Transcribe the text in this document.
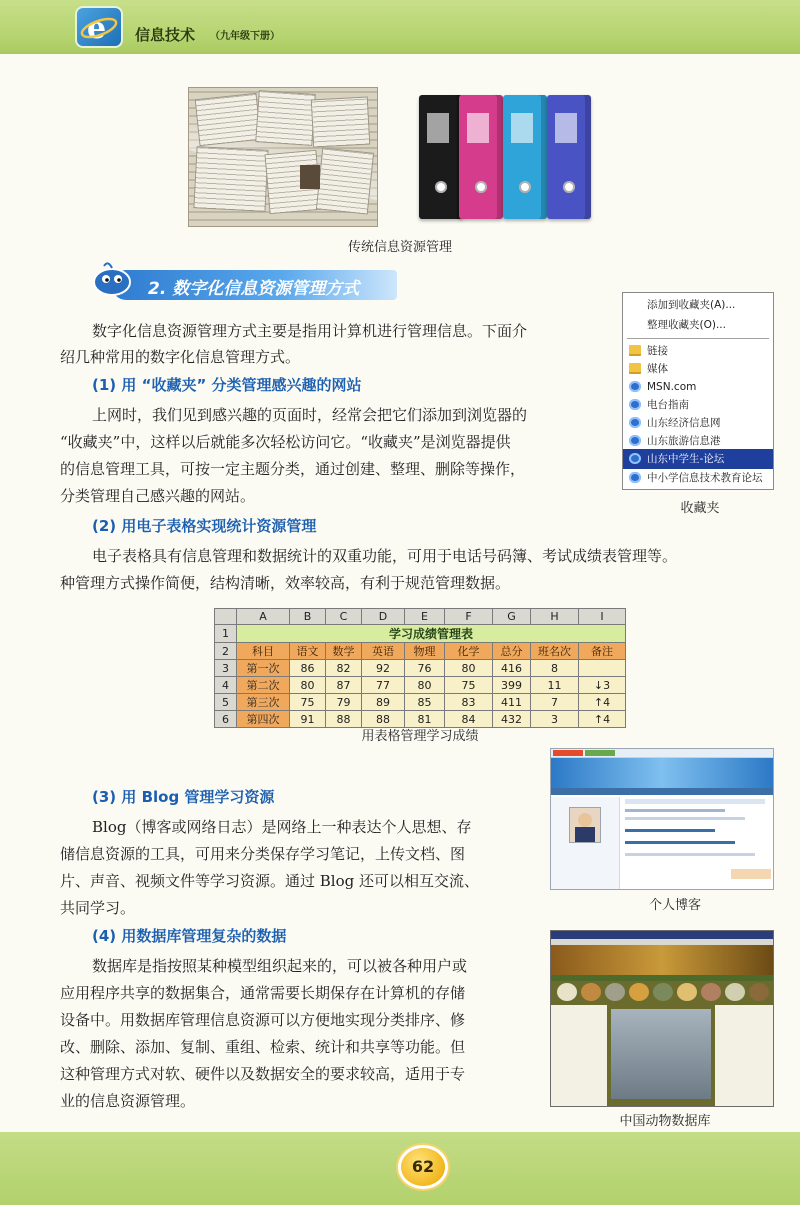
e 信息技术 （九年级下册）
传统信息资源管理
2. 数字化信息资源管理方式
数字化信息资源管理方式主要是指用计算机进行管理信息。下面介
绍几种常用的数字化信息管理方式。
(1) 用 “收藏夹” 分类管理感兴趣的网站
上网时，我们见到感兴趣的页面时，经常会把它们添加到浏览器的
“收藏夹”中，这样以后就能多次轻松访问它。“收藏夹”是浏览器提供
的信息管理工具，可按一定主题分类，通过创建、整理、删除等操作，
分类管理自己感兴趣的网站。
添加到收藏夹(A)...
整理收藏夹(O)...
链接
媒体
MSN.com
电台指南
山东经济信息网
山东旅游信息港
山东中学生-论坛
中小学信息技术教育论坛
收藏夹
(2) 用电子表格实现统计资源管理
电子表格具有信息管理和数据统计的双重功能，可用于电话号码簿、考试成绩表管理等。
种管理方式操作简便，结构清晰，效率较高，有利于规范管理数据。
	A	B	C	D	E	F	G	H	I
1	学习成绩管理表								
2	科目	语文	数学	英语	物理	化学	总分	班名次	备注
3	第一次	86	82	92	76	80	416	8	
4	第二次	80	87	77	80	75	399	11	↓3
5	第三次	75	79	89	85	83	411	7	↑4
6	第四次	91	88	88	81	84	432	3	↑4
用表格管理学习成绩
个人博客
(3) 用 Blog 管理学习资源
Blog（博客或网络日志）是网络上一种表达个人思想、存
储信息资源的工具，可用来分类保存学习笔记，上传文档、图
片、声音、视频文件等学习资源。通过 Blog 还可以相互交流、
共同学习。
(4) 用数据库管理复杂的数据
数据库是指按照某种模型组织起来的，可以被各种用户或
应用程序共享的数据集合，通常需要长期保存在计算机的存储
设备中。用数据库管理信息资源可以方便地实现分类排序、修
改、删除、添加、复制、重组、检索、统计和共享等功能。但
这种管理方式对软、硬件以及数据安全的要求较高，适用于专
业的信息资源管理。
中国动物数据库
62
